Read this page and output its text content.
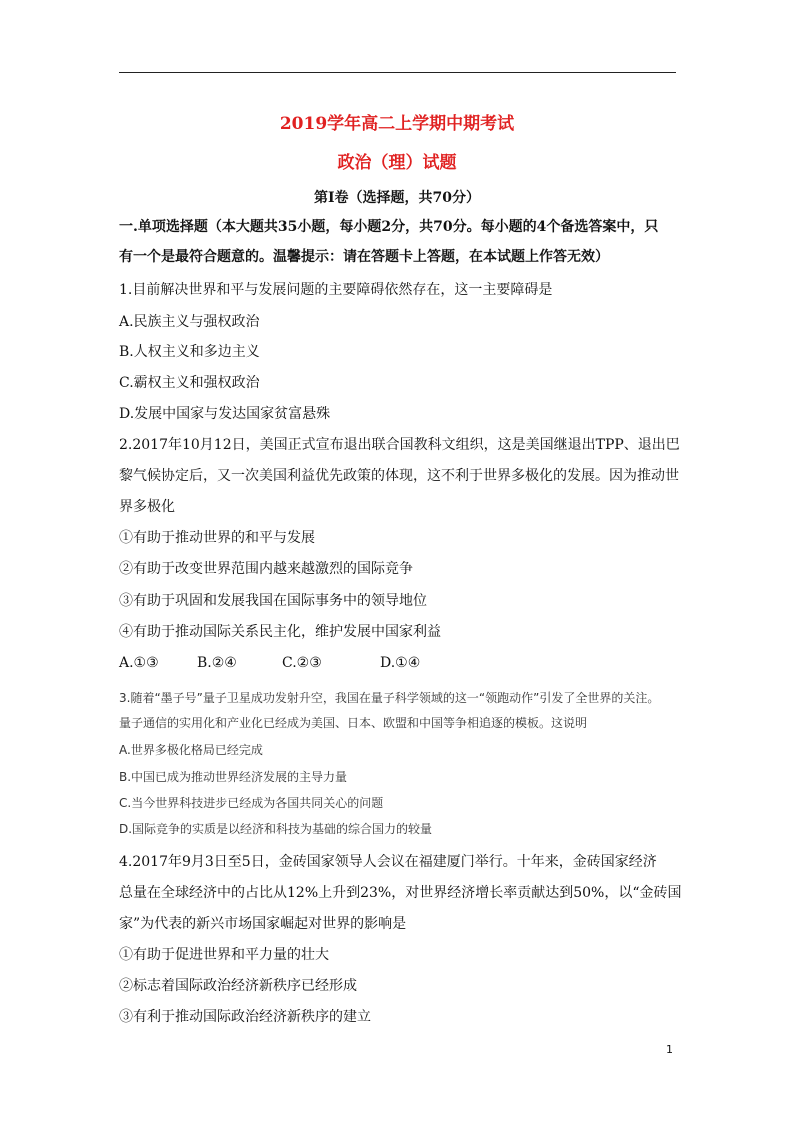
2019学年高二上学期中期考试
政治（理）试题
第Ⅰ卷（选择题，共70分）
一.单项选择题（本大题共35小题，每小题2分，共70分。每小题的4个备选答案中，只
有一个是最符合题意的。温馨提示：请在答题卡上答题，在本试题上作答无效）
1.目前解决世界和平与发展问题的主要障碍依然存在，这一主要障碍是
A.民族主义与强权政治
B.人权主义和多边主义
C.霸权主义和强权政治
D.发展中国家与发达国家贫富悬殊
2.2017年10月12日，美国正式宣布退出联合国教科文组织，这是美国继退出TPP、退出巴
黎气候协定后，又一次美国利益优先政策的体现，这不利于世界多极化的发展。因为推动世
界多极化
①有助于推动世界的和平与发展
②有助于改变世界范围内越来越激烈的国际竞争
③有助于巩固和发展我国在国际事务中的领导地位
④有助于推动国际关系民主化，维护发展中国家利益
A.①③	B.②④	C.②③	D.①④
3.随着“墨子号”量子卫星成功发射升空，我国在量子科学领域的这一“领跑动作”引发了全世界的关注。
量子通信的实用化和产业化已经成为美国、日本、欧盟和中国等争相追逐的模板。这说明
A.世界多极化格局已经完成
B.中国已成为推动世界经济发展的主导力量
C.当今世界科技进步已经成为各国共同关心的问题
D.国际竞争的实质是以经济和科技为基础的综合国力的较量
4.2017年9月3日至5日，金砖国家领导人会议在福建厦门举行。十年来，金砖国家经济
总量在全球经济中的占比从12%上升到23%，对世界经济增长率贡献达到50%，以“金砖国
家”为代表的新兴市场国家崛起对世界的影响是
①有助于促进世界和平力量的壮大
②标志着国际政治经济新秩序已经形成
③有利于推动国际政治经济新秩序的建立
1
